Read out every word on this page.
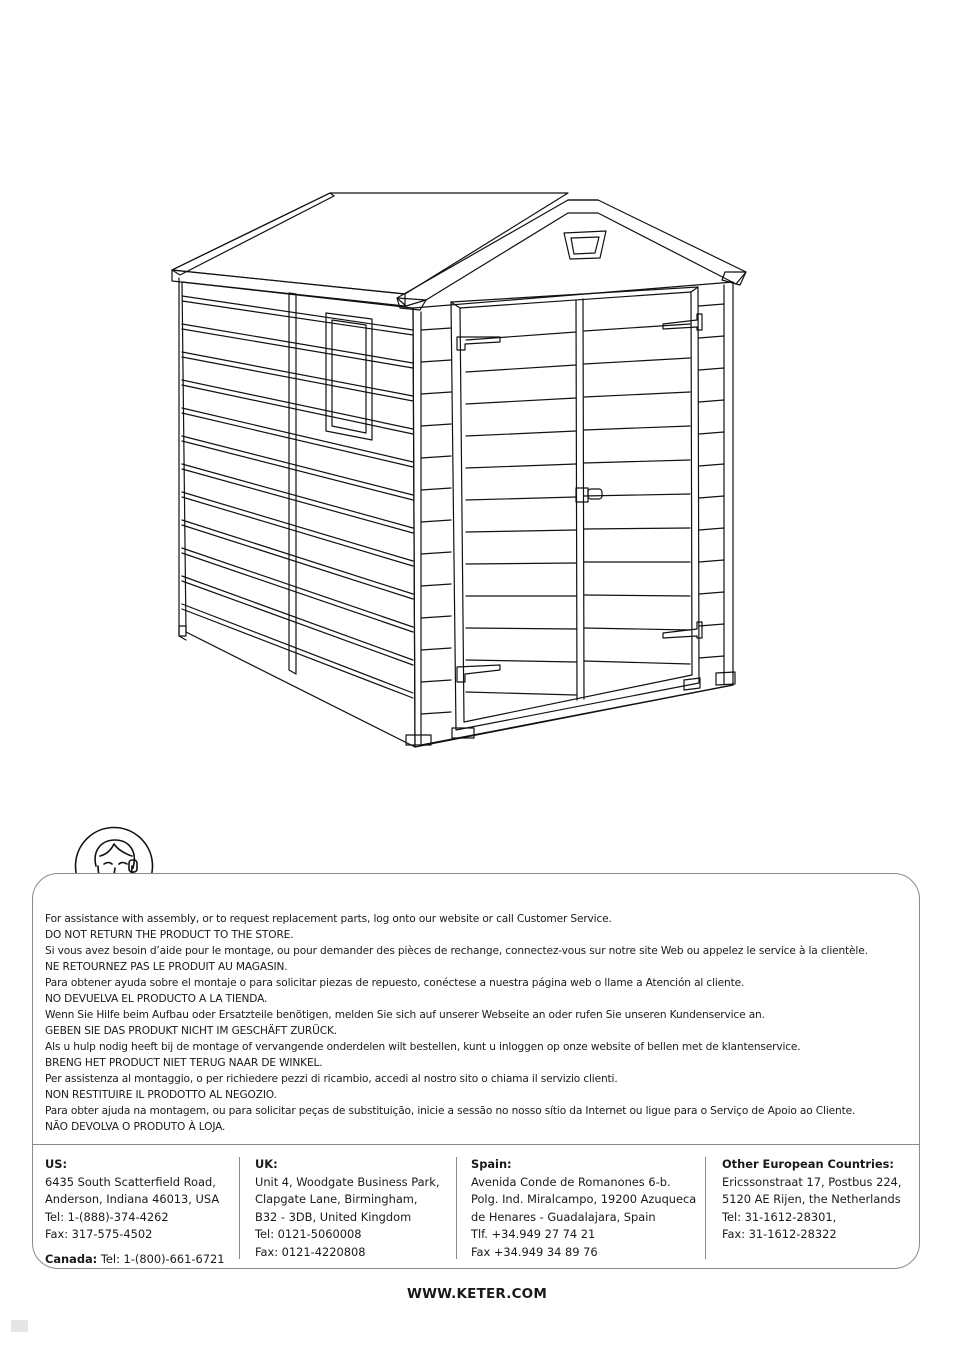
For assistance with assembly, or to request replacement parts, log onto our website or call Customer Service.
DO NOT RETURN THE PRODUCT TO THE STORE.
Si vous avez besoin d’aide pour le montage, ou pour demander des pièces de rechange, connectez-vous sur notre site Web ou appelez le service à la clientèle.
NE RETOURNEZ PAS LE PRODUIT AU MAGASIN.
Para obtener ayuda sobre el montaje o para solicitar piezas de repuesto, conéctese a nuestra página web o llame a Atención al cliente.
NO DEVUELVA EL PRODUCTO A LA TIENDA.
Wenn Sie Hilfe beim Aufbau oder Ersatzteile benötigen, melden Sie sich auf unserer Webseite an oder rufen Sie unseren Kundenservice an.
GEBEN SIE DAS PRODUKT NICHT IM GESCHÄFT ZURÜCK.
Als u hulp nodig heeft bij de montage of vervangende onderdelen wilt bestellen, kunt u inloggen op onze website of bellen met de klantenservice.
BRENG HET PRODUCT NIET TERUG NAAR DE WINKEL.
Per assistenza al montaggio, o per richiedere pezzi di ricambio, accedi al nostro sito o chiama il servizio clienti.
NON RESTITUIRE IL PRODOTTO AL NEGOZIO.
Para obter ajuda na montagem, ou para solicitar peças de substituição, inicie a sessão no nosso sítio da Internet ou ligue para o Serviço de Apoio ao Cliente.
NÃO DEVOLVA O PRODUTO À LOJA.
US:
6435 South Scatterfield Road,
Anderson, Indiana 46013, USA
Tel: 1-(888)-374-4262
Fax: 317-575-4502
Canada: Tel: 1-(800)-661-6721
UK:
Unit 4, Woodgate Business Park,
Clapgate Lane, Birmingham,
B32 - 3DB, United Kingdom
Tel: 0121-5060008
Fax: 0121-4220808
Spain:
Avenida Conde de Romanones 6-b.
Polg. Ind. Miralcampo, 19200 Azuqueca
de Henares - Guadalajara, Spain
Tlf. +34.949 27 74 21
Fax +34.949 34 89 76
Other European Countries:
Ericssonstraat 17, Postbus 224,
5120 AE Rijen, the Netherlands
Tel: 31-1612-28301,
Fax: 31-1612-28322
WWW.KETER.COM
